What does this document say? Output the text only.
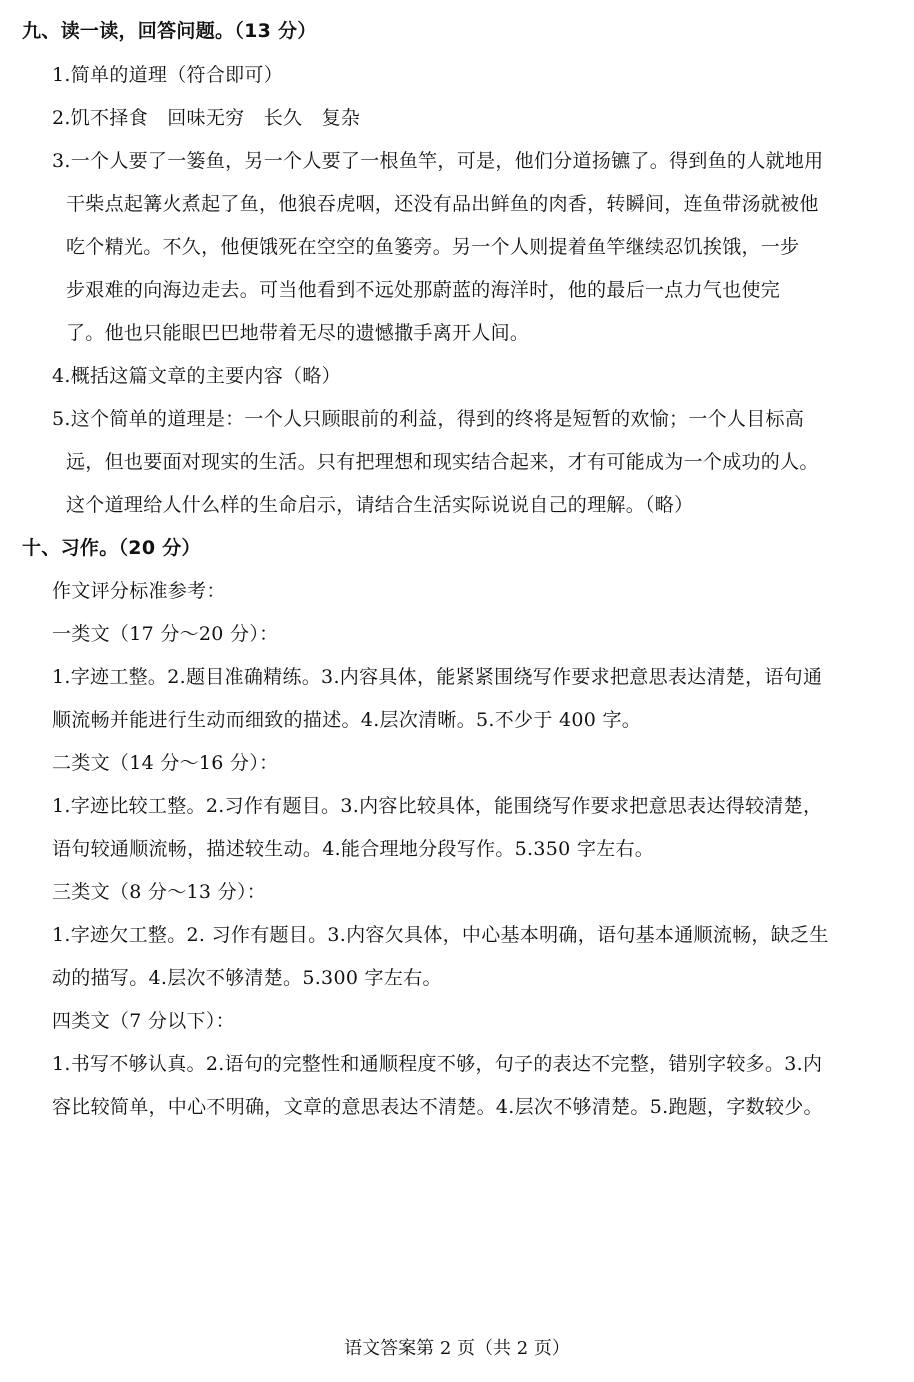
九、读一读，回答问题。（13 分）
1.简单的道理（符合即可）
2.饥不择食　回味无穷　长久　复杂
3.一个人要了一篓鱼，另一个人要了一根鱼竿，可是，他们分道扬镳了。得到鱼的人就地用
干柴点起篝火煮起了鱼，他狼吞虎咽，还没有品出鲜鱼的肉香，转瞬间，连鱼带汤就被他
吃个精光。不久，他便饿死在空空的鱼篓旁。另一个人则提着鱼竿继续忍饥挨饿，一步
步艰难的向海边走去。可当他看到不远处那蔚蓝的海洋时，他的最后一点力气也使完
了。他也只能眼巴巴地带着无尽的遗憾撒手离开人间。
4.概括这篇文章的主要内容（略）
5.这个简单的道理是：一个人只顾眼前的利益，得到的终将是短暂的欢愉；一个人目标高
远，但也要面对现实的生活。只有把理想和现实结合起来，才有可能成为一个成功的人。
这个道理给人什么样的生命启示，请结合生活实际说说自己的理解。（略）
十、习作。（20 分）
作文评分标准参考：
一类文（17 分～20 分）：
1.字迹工整。2.题目准确精练。3.内容具体，能紧紧围绕写作要求把意思表达清楚，语句通
顺流畅并能进行生动而细致的描述。4.层次清晰。5.不少于 400 字。
二类文（14 分～16 分）：
1.字迹比较工整。2.习作有题目。3.内容比较具体，能围绕写作要求把意思表达得较清楚，
语句较通顺流畅，描述较生动。4.能合理地分段写作。5.350 字左右。
三类文（8 分～13 分）：
1.字迹欠工整。2. 习作有题目。3.内容欠具体，中心基本明确，语句基本通顺流畅，缺乏生
动的描写。4.层次不够清楚。5.300 字左右。
四类文（7 分以下）：
1.书写不够认真。2.语句的完整性和通顺程度不够，句子的表达不完整，错别字较多。3.内
容比较简单，中心不明确，文章的意思表达不清楚。4.层次不够清楚。5.跑题，字数较少。
语文答案第 2 页（共 2 页）
